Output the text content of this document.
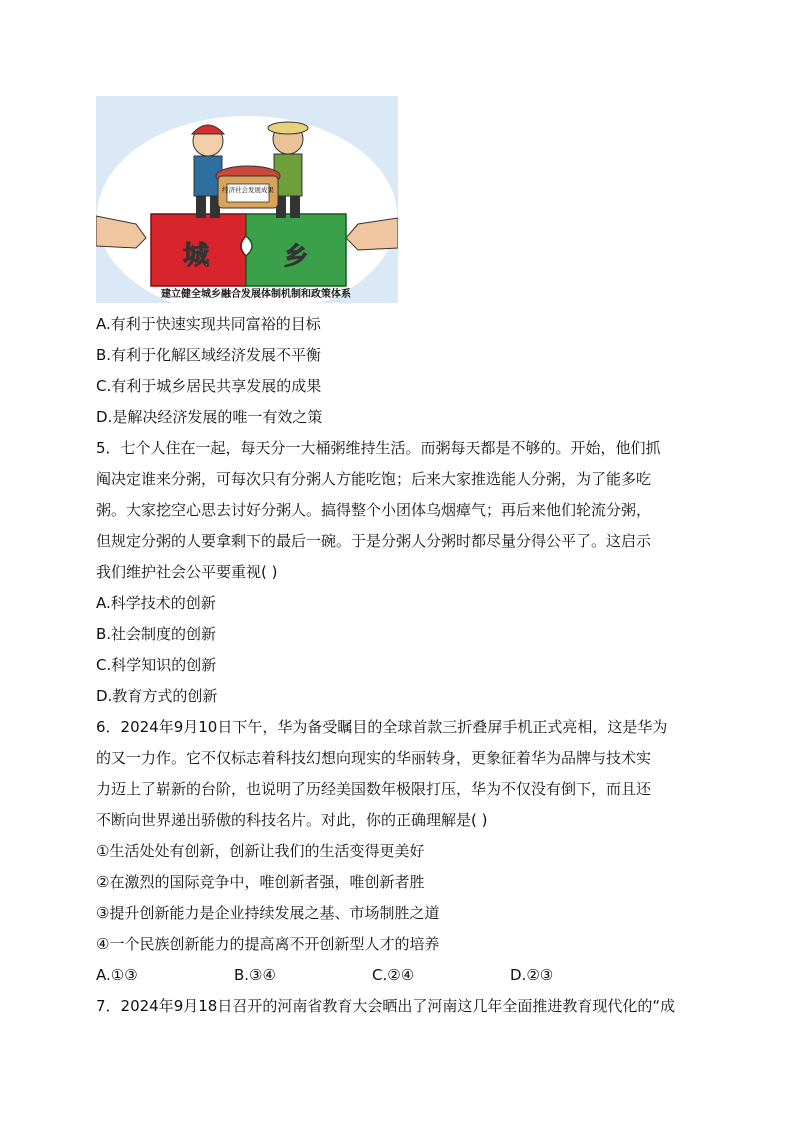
经济社会发展成果
城	乡
建立健全城乡融合发展体制机制和政策体系
A.有利于快速实现共同富裕的目标
B.有利于化解区域经济发展不平衡
C.有利于城乡居民共享发展的成果
D.是解决经济发展的唯一有效之策
5．七个人住在一起，每天分一大桶粥维持生活。而粥每天都是不够的。开始，他们抓
阄决定谁来分粥，可每次只有分粥人方能吃饱；后来大家推选能人分粥，为了能多吃
粥。大家挖空心思去讨好分粥人。搞得整个小团体乌烟瘴气；再后来他们轮流分粥，
但规定分粥的人要拿剩下的最后一碗。于是分粥人分粥时都尽量分得公平了。这启示
我们维护社会公平要重视( )
A.科学技术的创新
B.社会制度的创新
C.科学知识的创新
D.教育方式的创新
6．2024年9月10日下午，华为备受瞩目的全球首款三折叠屏手机正式亮相，这是华为
的又一力作。它不仅标志着科技幻想向现实的华丽转身，更象征着华为品牌与技术实
力迈上了崭新的台阶，也说明了历经美国数年极限打压，华为不仅没有倒下，而且还
不断向世界递出骄傲的科技名片。对此，你的正确理解是( )
①生活处处有创新，创新让我们的生活变得更美好
②在激烈的国际竞争中，唯创新者强，唯创新者胜
③提升创新能力是企业持续发展之基、市场制胜之道
④一个民族创新能力的提高离不开创新型人才的培养
A.①③	B.③④	C.②④	D.②③
7．2024年9月18日召开的河南省教育大会晒出了河南这几年全面推进教育现代化的“成
